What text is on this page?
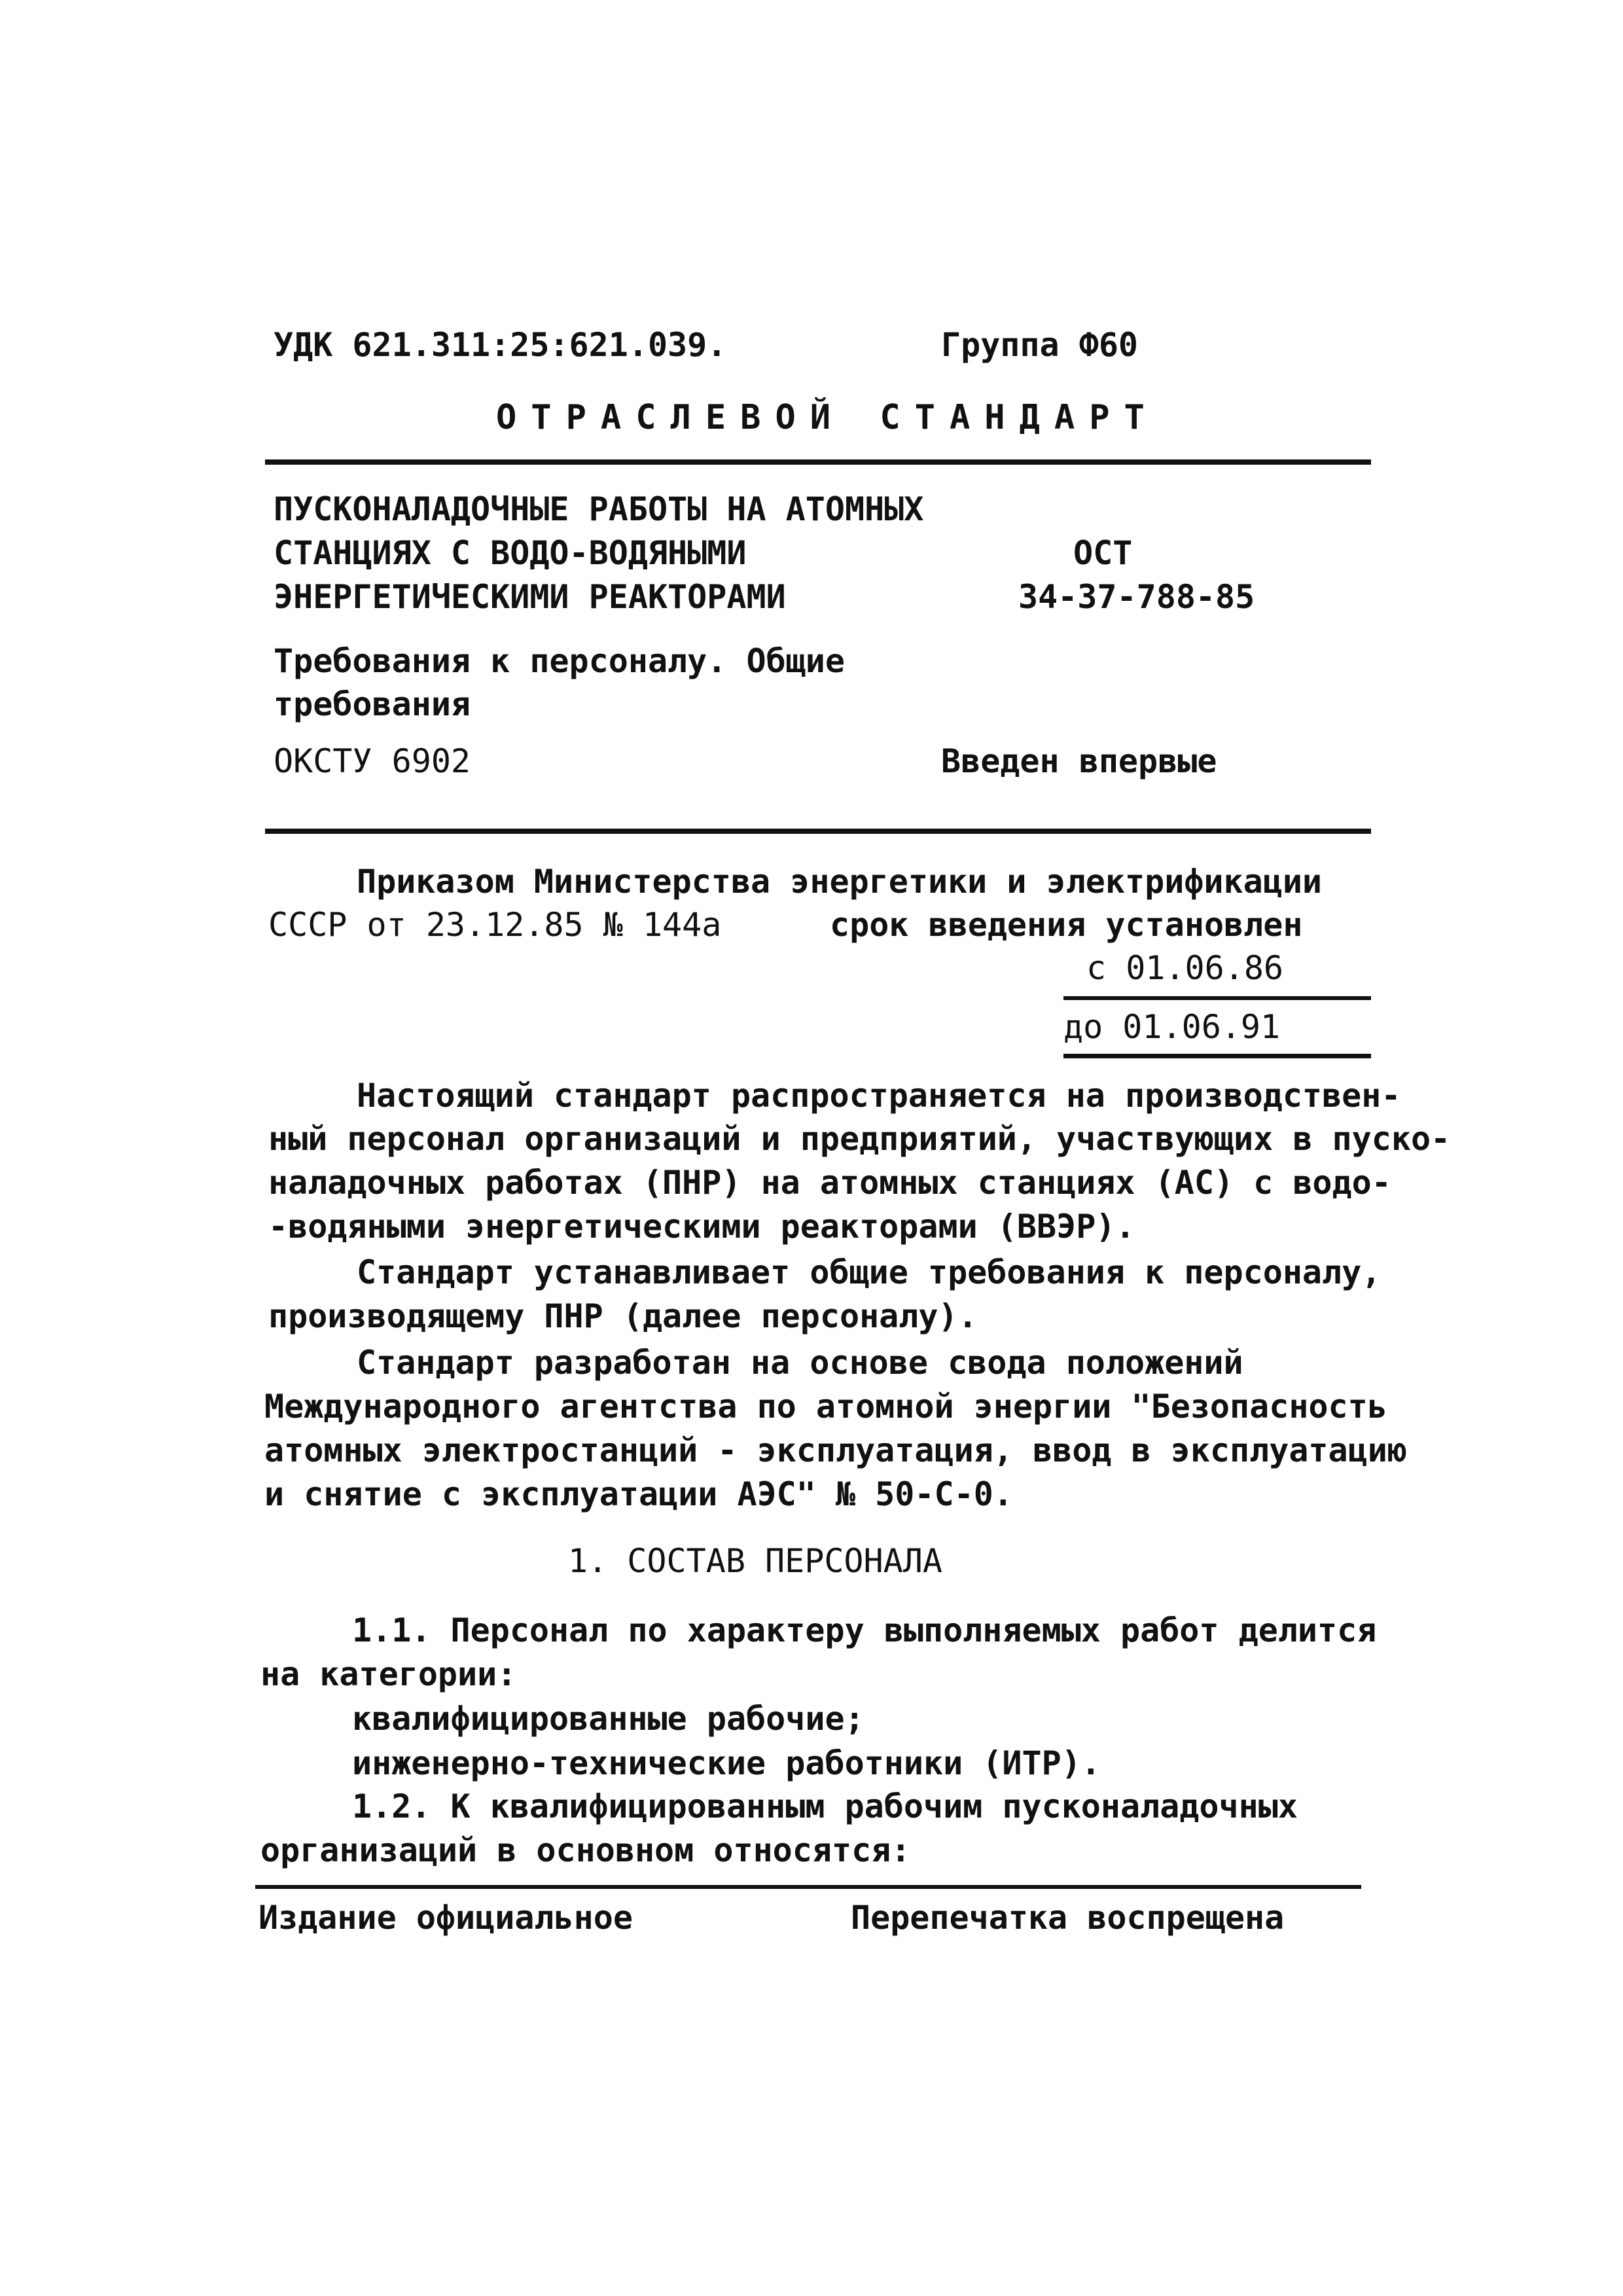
УДК 621.311:25:621.039.	Группа Ф60
ОТРАСЛЕВОЙ СТАНДАРТ
ПУСКОНАЛАДОЧНЫЕ РАБОТЫ НА АТОМНЫХ
СТАНЦИЯХ С ВОДО-ВОДЯНЫМИ
ЭНЕРГЕТИЧЕСКИМИ РЕАКТОРАМИ
ОСТ
34-37-788-85
Требования к персоналу. Общие
требования
ОКСТУ 6902	Введен впервые
Приказом Министерства энергетики и электрификации
СССР от 23.12.85 № 144а	срок введения установлен
с 01.06.86
до 01.06.91
Настоящий стандарт распространяется на производствен-
ный персонал организаций и предприятий, участвующих в пуско-
наладочных работах (ПНР) на атомных станциях (АС) с водо-
-водяными энергетическими реакторами (ВВЭР).
Стандарт устанавливает общие требования к персоналу,
производящему ПНР (далее персоналу).
Стандарт разработан на основе свода положений
Международного агентства по атомной энергии "Безопасность
атомных электростанций - эксплуатация, ввод в эксплуатацию
и снятие с эксплуатации АЭС" № 50-С-0.
1. СОСТАВ ПЕРСОНАЛА
1.1. Персонал по характеру выполняемых работ делится
на категории:
квалифицированные рабочие;
инженерно-технические работники (ИТР).
1.2. К квалифицированным рабочим пусконаладочных
организаций в основном относятся:
Издание официальное	Перепечатка воспрещена
